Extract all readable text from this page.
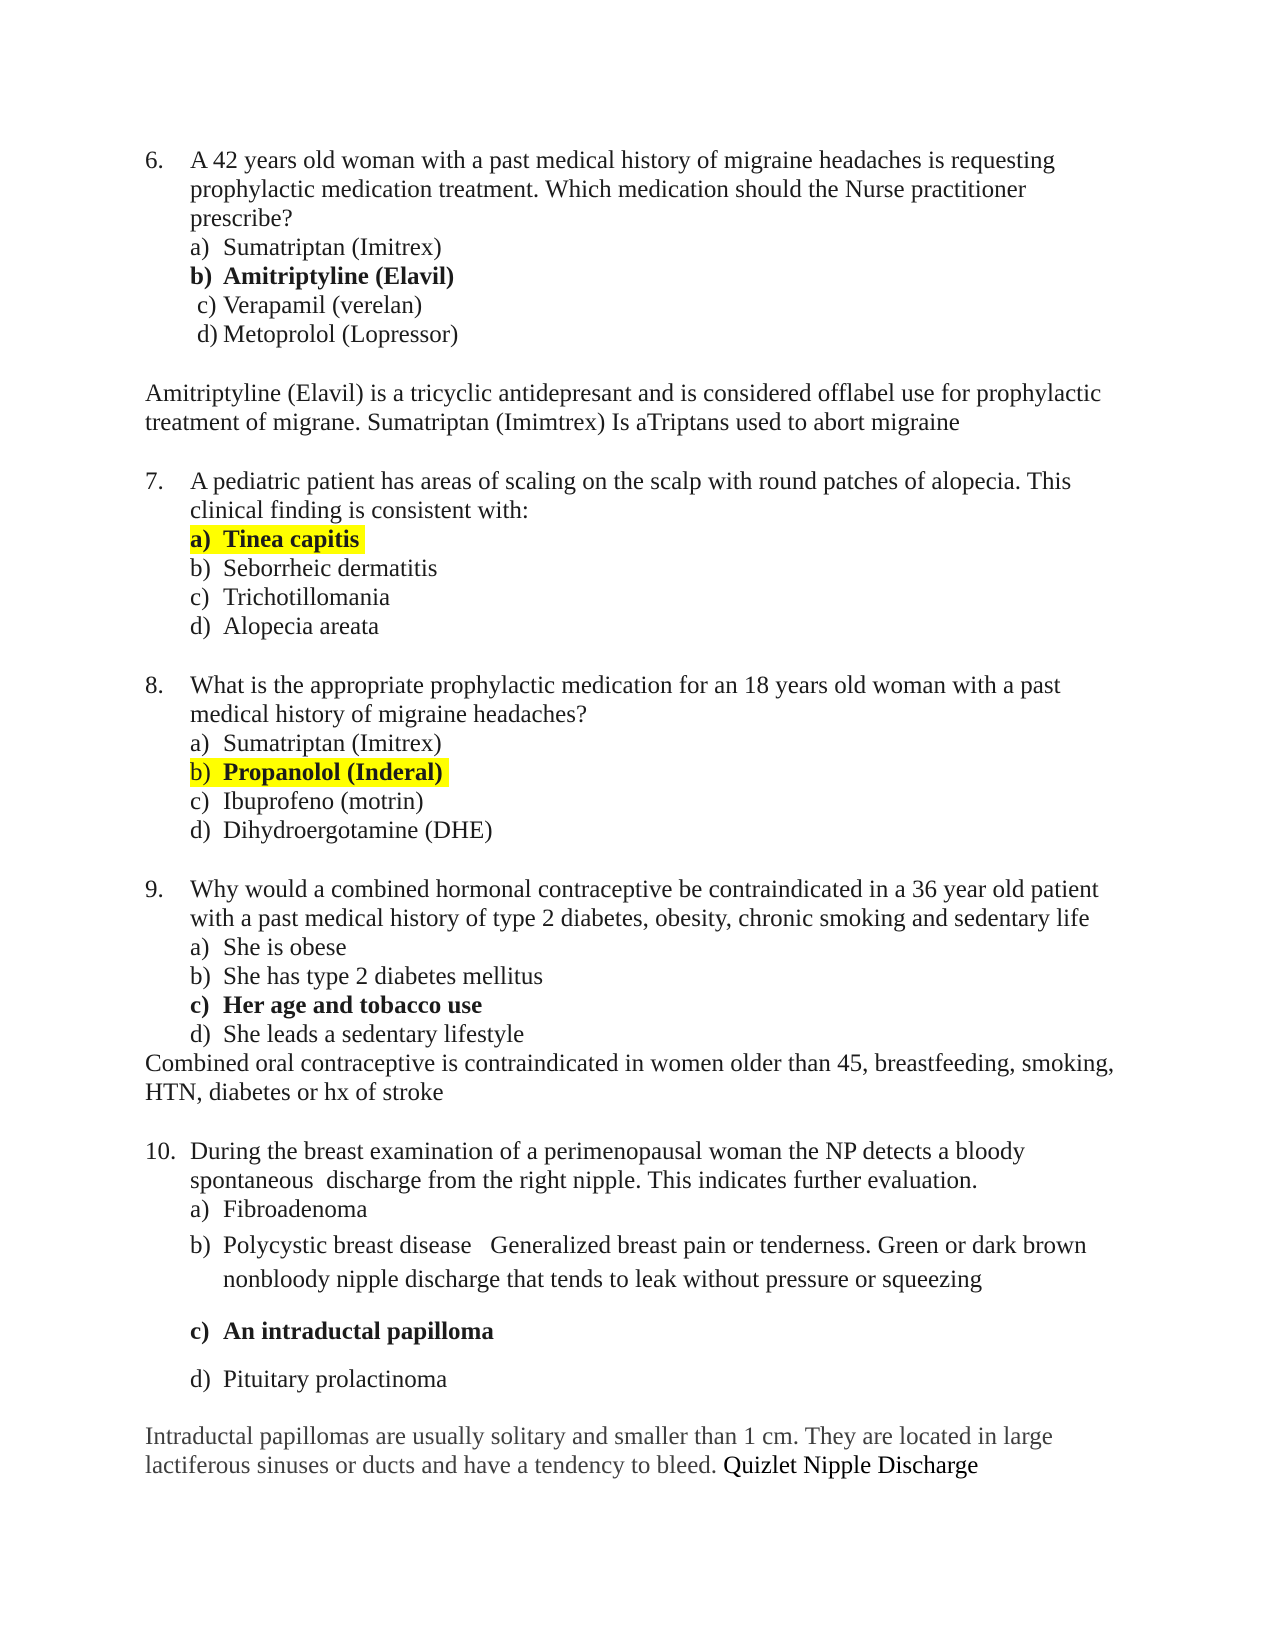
6.	A 42 years old woman with a past medical history of migraine headaches is requesting prophylactic medication treatment. Which medication should the Nurse practitioner prescribe?
a) Sumatriptan (Imitrex)
b) Amitriptyline (Elavil)
c) Verapamil (verelan)
d) Metoprolol (Lopressor)

Amitriptyline (Elavil) is a tricyclic antidepresant and is considered offlabel use for prophylactic treatment of migrane. Sumatriptan (Imimtrex) Is aTriptans used to abort migraine

7.	A pediatric patient has areas of scaling on the scalp with round patches of alopecia. This clinical finding is consistent with:
a) Tinea capitis
b) Seborrheic dermatitis
c) Trichotillomania
d) Alopecia areata
8.	What is the appropriate prophylactic medication for an 18 years old woman with a past medical history of migraine headaches?
a) Sumatriptan (Imitrex)
b) Propanolol (Inderal)
c) Ibuprofeno (motrin)
d) Dihydroergotamine (DHE)
9.	Why would a combined hormonal contraceptive be contraindicated in a 36 year old patient with a past medical history of type 2 diabetes, obesity, chronic smoking and sedentary life
a) She is obese
b) She has type 2 diabetes mellitus
c) Her age and tobacco use
d) She leads a sedentary lifestyle

Combined oral contraceptive is contraindicated in women older than 45, breastfeeding, smoking, HTN, diabetes or hx of stroke

10. During the breast examination of a perimenopausal woman the NP detects a bloody spontaneous  discharge from the right nipple. This indicates further evaluation.
a) Fibroadenoma
b) Polycystic breast disease   Generalized breast pain or tenderness. Green or dark brown nonbloody nipple discharge that tends to leak without pressure or squeezing
c) An intraductal papilloma
d) Pituitary prolactinoma

Intraductal papillomas are usually solitary and smaller than 1 cm. They are located in large lactiferous sinuses or ducts and have a tendency to bleed. Quizlet Nipple Discharge
